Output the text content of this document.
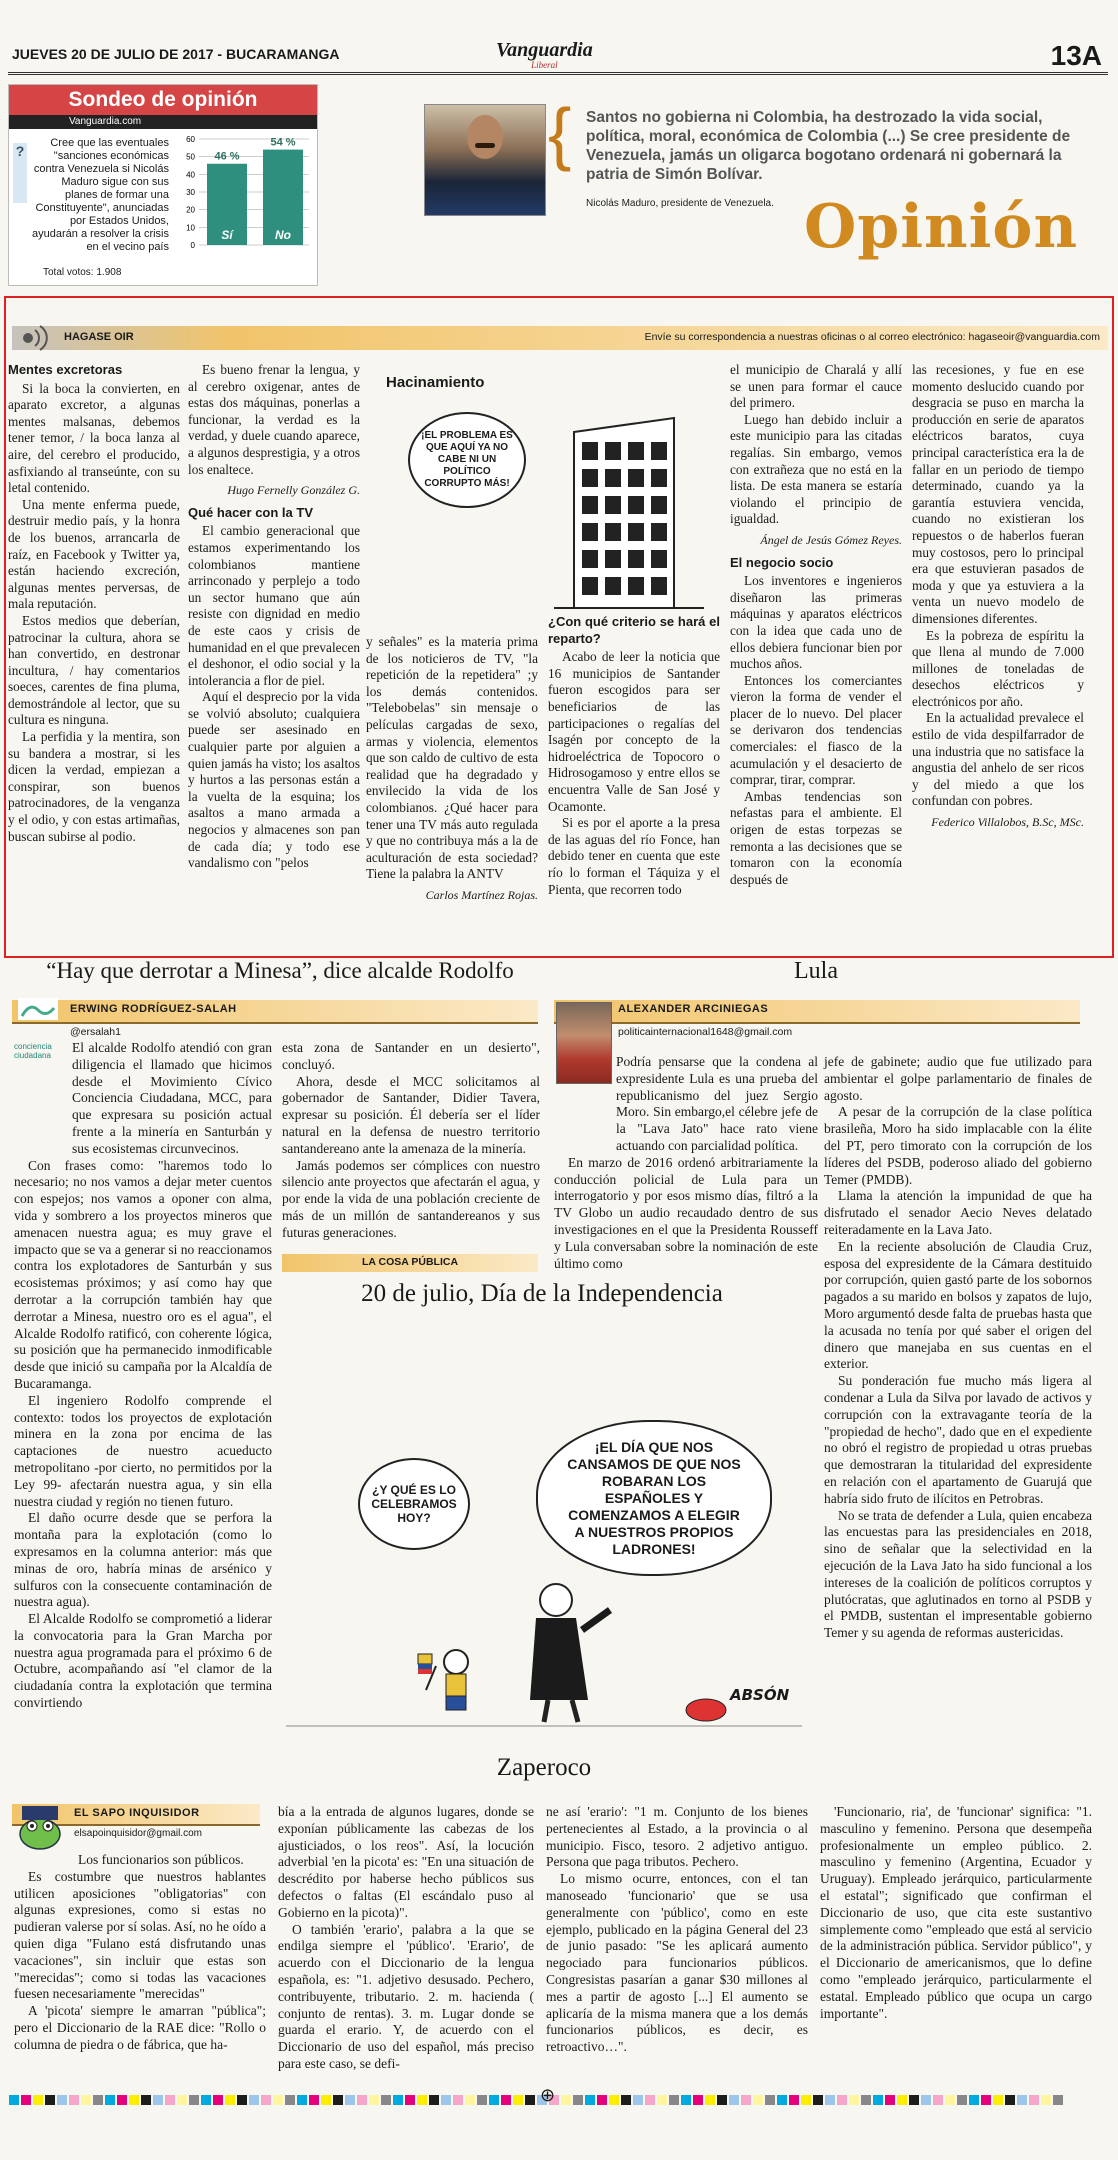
JUEVES 20 DE JULIO DE 2017 - BUCARAMANGA	Vanguardia
Liberal	13A
Sondeo de opinión
Vanguardia.com
?	Cree que las eventuales "sanciones económicas contra Venezuela si Nicolás Maduro sigue con sus planes de formar una Constituyente", anunciadas por Estados Unidos, ayudarán a resolver la crisis en el vecino país	0
10
20
30
40
50
60
46 %
Sí
54 %
No
Total votos: 1.908
{ Santos no gobierna ni Colombia, ha destrozado la vida social, política, moral, económica de Colombia (...) Se cree presidente de Venezuela, jamás un oligarca bogotano ordenará ni gobernará la patria de Simón Bolívar.
Nicolás Maduro, presidente de Venezuela. Opinión
HAGASE OIR	Envíe su correspondencia a nuestras oficinas o al correo electrónico: hagaseoir@vanguardia.com
Mentes excretoras

Si la boca la convierten, en aparato excretor, a algunas mentes malsanas, debemos tener temor, / la boca lanza al aire, del cerebro el producido, asfixiando al transeúnte, con su letal contenido.

Una mente enferma puede, destruir medio país, y la honra de los buenos, arrancarla de raíz, en Facebook y Twitter ya, están haciendo excreción, algunas mentes perversas, de mala reputación.

Estos medios que deberían, patrocinar la cultura, ahora se han convertido, en destronar incultura, / hay comentarios soeces, carentes de fina pluma, demostrándole al lector, que su cultura es ninguna.

La perfidia y la mentira, son su bandera a mostrar, si les dicen la verdad, empiezan a conspirar, son buenos patrocinadores, de la venganza y el odio, y con estas artimañas, buscan subirse al podio.

Es bueno frenar la lengua, y al cerebro oxigenar, antes de estas dos máquinas, ponerlas a funcionar, la verdad es la verdad, y duele cuando aparece, a algunos desprestigia, y a otros los enaltece.

Hugo Fernelly González G.
Qué hacer con la TV

El cambio generacional que estamos experimentando los colombianos mantiene arrinconado y perplejo a todo un sector humano que aún resiste con dignidad en medio de este caos y crisis de humanidad en el que prevalecen el deshonor, el odio social y la intolerancia a flor de piel.

Aquí el desprecio por la vida se volvió absoluto; cualquiera puede ser asesinado en cualquier parte por alguien a quien jamás ha visto; los asaltos y hurtos a las personas están a la vuelta de la esquina; los asaltos a mano armada a negocios y almacenes son pan de cada día; y todo ese vandalismo con "pelos

Hacinamiento
¡EL PROBLEMA ES QUE AQUÍ YA NO CABE NI UN POLÍTICO CORRUPTO MÁS!

y señales" es la materia prima de los noticieros de TV, "la repetición de la repetidera" ;y los demás contenidos. "Telebobelas" sin mensaje o películas cargadas de sexo, armas y violencia, elementos que son caldo de cultivo de esta realidad que ha degradado y envilecido la vida de los colombianos. ¿Qué hacer para tener una TV más auto regulada y que no contribuya más a la de aculturación de esta sociedad? Tiene la palabra la ANTV

Carlos Martínez Rojas.
¿Con qué criterio se hará el reparto?

Acabo de leer la noticia que 16 municipios de Santander fueron escogidos para ser beneficiarios de las participaciones o regalías del Isagén por concepto de la hidroeléctrica de Topocoro o Hidrosogamoso y entre ellos se encuentra Valle de San José y Ocamonte.

Si es por el aporte a la presa de las aguas del río Fonce, han debido tener en cuenta que este río lo forman el Táquiza y el Pienta, que recorren todo

el municipio de Charalá y allí se unen para formar el cauce del primero.

Luego han debido incluir a este municipio para las citadas regalías. Sin embargo, vemos con extrañeza que no está en la lista. De esta manera se estaría violando el principio de igualdad.

Ángel de Jesús Gómez Reyes.
El negocio socio

Los inventores e ingenieros diseñaron las primeras máquinas y aparatos eléctricos con la idea que cada uno de ellos debiera funcionar bien por muchos años.

Entonces los comerciantes vieron la forma de vender el placer de lo nuevo. Del placer se derivaron dos tendencias comerciales: el fiasco de la acumulación y el desacierto de comprar, tirar, comprar.

Ambas tendencias son nefastas para el ambiente. El origen de estas torpezas se remonta a las decisiones que se tomaron con la economía después de

las recesiones, y fue en ese momento deslucido cuando por desgracia se puso en marcha la producción en serie de aparatos eléctricos baratos, cuya principal característica era la de fallar en un periodo de tiempo determinado, cuando ya la garantía estuviera vencida, cuando no existieran los repuestos o de haberlos fueran muy costosos, pero lo principal era que estuvieran pasados de moda y que ya estuviera a la venta un nuevo modelo de dimensiones diferentes.

Es la pobreza de espíritu la que llena al mundo de 7.000 millones de toneladas de desechos eléctricos y electrónicos por año.

En la actualidad prevalece el estilo de vida despilfarrador de una industria que no satisface la angustia del anhelo de ser ricos y del miedo a que los confundan con pobres.

Federico Villalobos, B.Sc, MSc.
“Hay que derrotar a Minesa”, dice alcalde Rodolfo
ERWING RODRÍGUEZ-SALAH
@ersalah1
conciencia ciudadana

El alcalde Rodolfo atendió con gran diligencia el llamado que hicimos desde el Movimiento Cívico Conciencia Ciudadana, MCC, para que expresara su posición actual frente a la minería en Santurbán y sus ecosistemas circunvecinos.

Con frases como: "haremos todo lo necesario; no nos vamos a dejar meter cuentos con espejos; nos vamos a oponer con alma, vida y sombrero a los proyectos mineros que amenacen nuestra agua; es muy grave el impacto que se va a generar si no reaccionamos contra los explotadores de Santurbán y sus ecosistemas próximos; y así como hay que derrotar a la corrupción también hay que derrotar a Minesa, nuestro oro es el agua", el Alcalde Rodolfo ratificó, con coherente lógica, su posición que ha permanecido inmodificable desde que inició su campaña por la Alcaldía de Bucaramanga.

El ingeniero Rodolfo comprende el contexto: todos los proyectos de explotación minera en la zona por encima de las captaciones de nuestro acueducto metropolitano -por cierto, no permitidos por la Ley 99- afectarán nuestra agua, y sin ella nuestra ciudad y región no tienen futuro.

El daño ocurre desde que se perfora la montaña para la explotación (como lo expresamos en la columna anterior: más que minas de oro, habría minas de arsénico y sulfuros con la consecuente contaminación de nuestra agua).

El Alcalde Rodolfo se comprometió a liderar la convocatoria para la Gran Marcha por nuestra agua programada para el próximo 6 de Octubre, acompañando así "el clamor de la ciudadanía contra la explotación que termina convirtiendo

esta zona de Santander en un desierto", concluyó.

Ahora, desde el MCC solicitamos al gobernador de Santander, Didier Tavera, expresar su posición. Él debería ser el líder natural en la defensa de nuestro territorio santandereano ante la amenaza de la minería.

Jamás podemos ser cómplices con nuestro silencio ante proyectos que afectarán el agua, y por ende la vida de una población creciente de más de un millón de santandereanos y sus futuras generaciones.

LA COSA PÚBLICA
20 de julio, Día de la Independencia
¿Y QUÉ ES LO CELEBRAMOS HOY?
¡EL DÍA QUE NOS CANSAMOS DE QUE NOS ROBARAN LOS ESPAÑOLES Y COMENZAMOS A ELEGIR A NUESTROS PROPIOS LADRONES!
ABSÓN
Zaperoco
Lula
ALEXANDER ARCINIEGAS
politicainternacional1648@gmail.com

Podría pensarse que la condena al expresidente Lula es una prueba del republicanismo del juez Sergio Moro. Sin embargo,el célebre jefe de la "Lava Jato" hace rato viene actuando con parcialidad política.

En marzo de 2016 ordenó arbitrariamente la conducción policial de Lula para un interrogatorio y por esos mismo días, filtró a la TV Globo un audio recaudado dentro de sus investigaciones en el que la Presidenta Rousseff y Lula conversaban sobre la nominación de este último como

jefe de gabinete; audio que fue utilizado para ambientar el golpe parlamentario de finales de agosto.

A pesar de la corrupción de la clase política brasileña, Moro ha sido implacable con la élite del PT, pero timorato con la corrupción de los líderes del PSDB, poderoso aliado del gobierno Temer (PMDB).

Llama la atención la impunidad de que ha disfrutado el senador Aecio Neves delatado reiteradamente en la Lava Jato.

En la reciente absolución de Claudia Cruz, esposa del expresidente de la Cámara destituido por corrupción, quien gastó parte de los sobornos pagados a su marido en bolsos y zapatos de lujo, Moro argumentó desde falta de pruebas hasta que la acusada no tenía por qué saber el origen del dinero que manejaba en sus cuentas en el exterior.

Su ponderación fue mucho más ligera al condenar a Lula da Silva por lavado de activos y corrupción con la extravagante teoría de la "propiedad de hecho", dado que en el expediente no obró el registro de propiedad u otras pruebas que demostraran la titularidad del expresidente en relación con el apartamento de Guarujá que habría sido fruto de ilícitos en Petrobras.

No se trata de defender a Lula, quien encabeza las encuestas para las presidenciales en 2018, sino de señalar que la selectividad en la ejecución de la Lava Jato ha sido funcional a los intereses de la coalición de políticos corruptos y plutócratas, que aglutinados en torno al PSDB y el PMDB, sustentan el impresentable gobierno Temer y su agenda de reformas austericidas.

EL SAPO INQUISIDOR
elsapoinquisidor@gmail.com

Los funcionarios son públicos.

Es costumbre que nuestros hablantes utilicen aposiciones "obligatorias" con algunas expresiones, como si estas no pudieran valerse por sí solas. Así, no he oído a quien diga "Fulano está disfrutando unas vacaciones", sin incluir que estas son "merecidas"; como si todas las vacaciones fuesen necesariamente "merecidas"

A 'picota' siempre le amarran "pública"; pero el Diccionario de la RAE dice: "Rollo o columna de piedra o de fábrica, que ha-

bía a la entrada de algunos lugares, donde se exponían públicamente las cabezas de los ajusticiados, o los reos". Así, la locución adverbial 'en la picota' es: "En una situación de descrédito por haberse hecho públicos sus defectos o faltas (El escándalo puso al Gobierno en la picota)".

O también 'erario', palabra a la que se endilga siempre el 'público'. 'Erario', de acuerdo con el Diccionario de la lengua española, es: "1. adjetivo desusado. Pechero, contribuyente, tributario. 2. m. hacienda ( conjunto de rentas). 3. m. Lugar donde se guarda el erario. Y, de acuerdo con el Diccionario de uso del español, más preciso para este caso, se defi-

ne así 'erario': "1 m. Conjunto de los bienes pertenecientes al Estado, a la provincia o al municipio. Fisco, tesoro. 2 adjetivo antiguo. Persona que paga tributos. Pechero.

Lo mismo ocurre, entonces, con el tan manoseado 'funcionario' que se usa generalmente con 'público', como en este ejemplo, publicado en la página General del 23 de junio pasado: "Se les aplicará aumento negociado para funcionarios públicos. Congresistas pasarían a ganar $30 millones al mes a partir de agosto [...] El aumento se aplicaría de la misma manera que a los demás funcionarios públicos, es decir, es retroactivo…".

'Funcionario, ria', de 'funcionar' significa: "1. masculino y femenino. Persona que desempeña profesionalmente un empleo público. 2. masculino y femenino (Argentina, Ecuador y Uruguay). Empleado jerárquico, particularmente el estatal"; significado que confirman el Diccionario de uso, que cita este sustantivo simplemente como "empleado que está al servicio de la administración pública. Servidor público", y el Diccionario de americanismos, que lo define como "empleado jerárquico, particularmente el estatal. Empleado público que ocupa un cargo importante".

⊕
